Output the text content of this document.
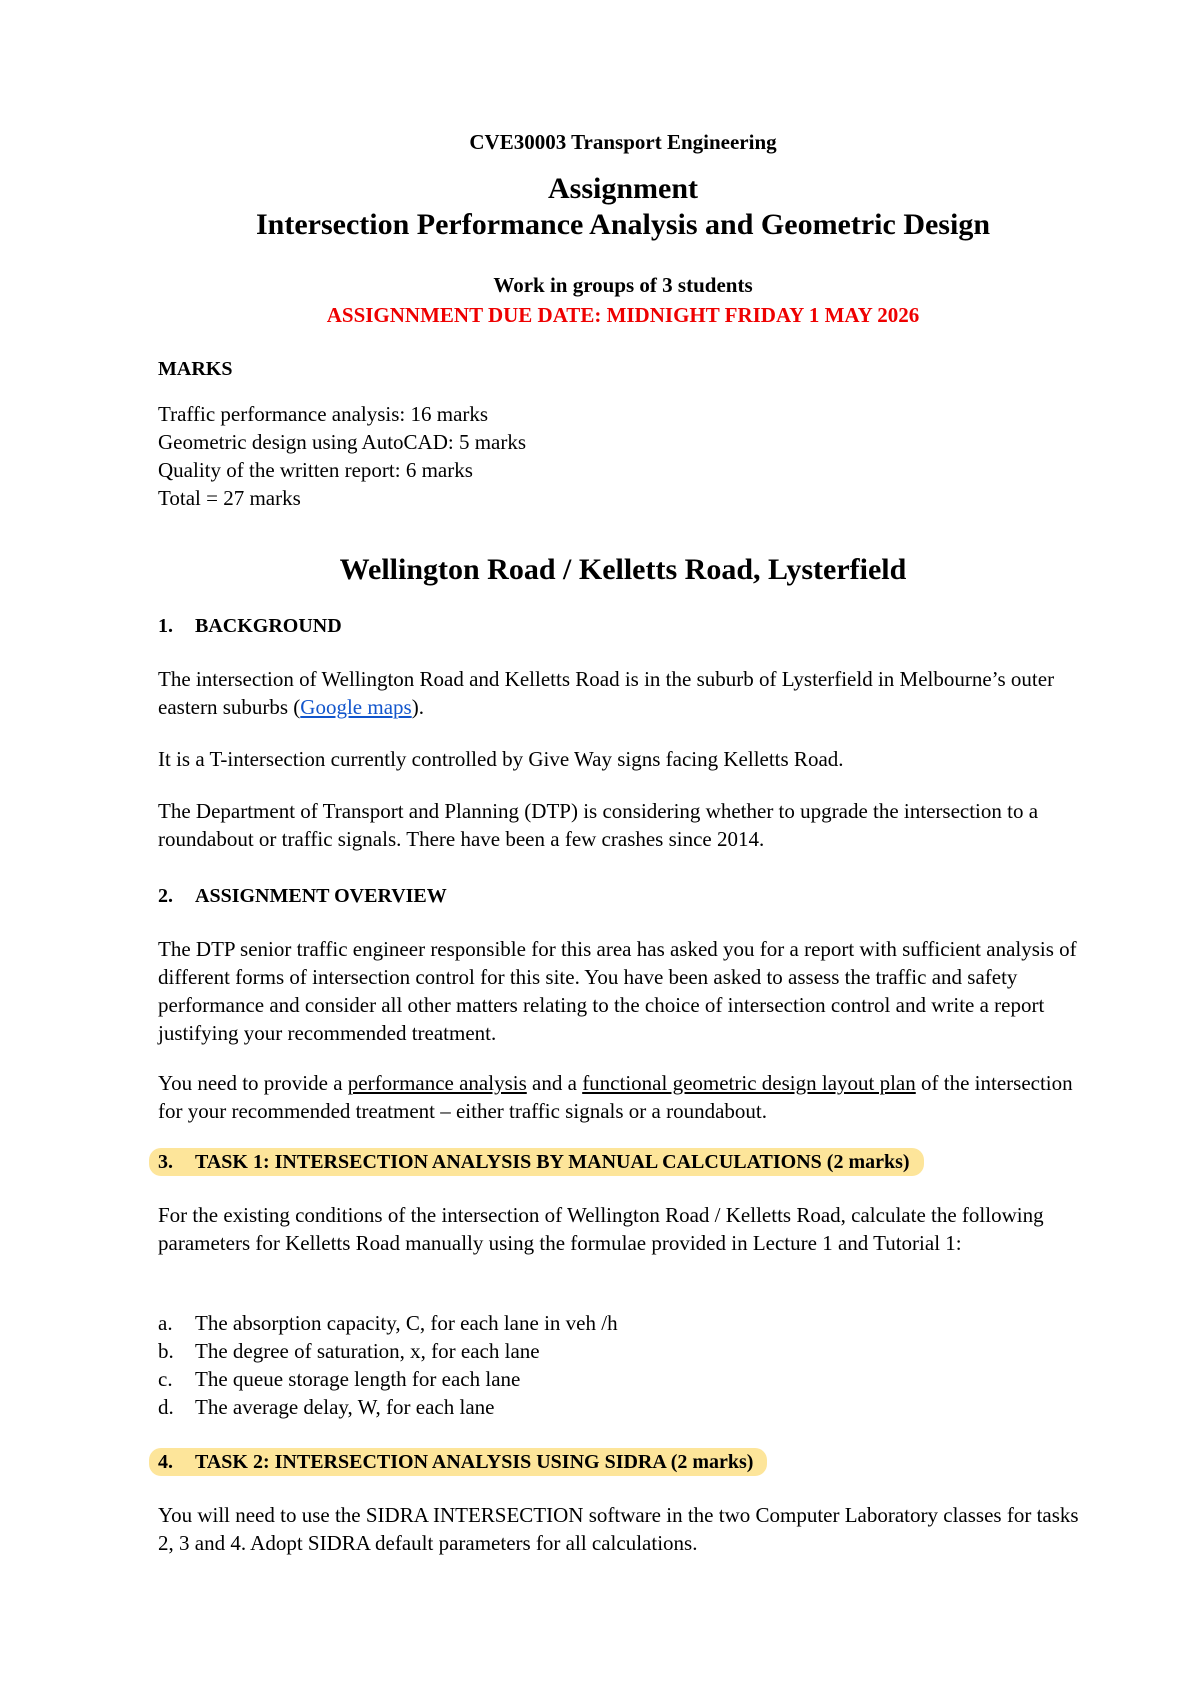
CVE30003 Transport Engineering
Assignment
Intersection Performance Analysis and Geometric Design
Work in groups of 3 students
ASSIGNNMENT DUE DATE: MIDNIGHT FRIDAY 1 MAY 2026
MARKS
Traffic performance analysis: 16 marks
Geometric design using AutoCAD: 5 marks
Quality of the written report: 6 marks
Total = 27 marks
Wellington Road / Kelletts Road, Lysterfield
1. BACKGROUND
The intersection of Wellington Road and Kelletts Road is in the suburb of Lysterfield in Melbourne’s outer eastern suburbs (Google maps).
It is a T-intersection currently controlled by Give Way signs facing Kelletts Road.
The Department of Transport and Planning (DTP) is considering whether to upgrade the intersection to a roundabout or traffic signals. There have been a few crashes since 2014.
2. ASSIGNMENT OVERVIEW
The DTP senior traffic engineer responsible for this area has asked you for a report with sufficient analysis of different forms of intersection control for this site. You have been asked to assess the traffic and safety performance and consider all other matters relating to the choice of intersection control and write a report justifying your recommended treatment.
You need to provide a performance analysis and a functional geometric design layout plan of the intersection for your recommended treatment – either traffic signals or a roundabout.
3. TASK 1: INTERSECTION ANALYSIS BY MANUAL CALCULATIONS (2 marks)
For the existing conditions of the intersection of Wellington Road / Kelletts Road, calculate the following parameters for Kelletts Road manually using the formulae provided in Lecture 1 and Tutorial 1:
a. The absorption capacity, C, for each lane in veh /h
b. The degree of saturation, x, for each lane
c. The queue storage length for each lane
d. The average delay, W, for each lane
4. TASK 2: INTERSECTION ANALYSIS USING SIDRA (2 marks)
You will need to use the SIDRA INTERSECTION software in the two Computer Laboratory classes for tasks 2, 3 and 4. Adopt SIDRA default parameters for all calculations.
